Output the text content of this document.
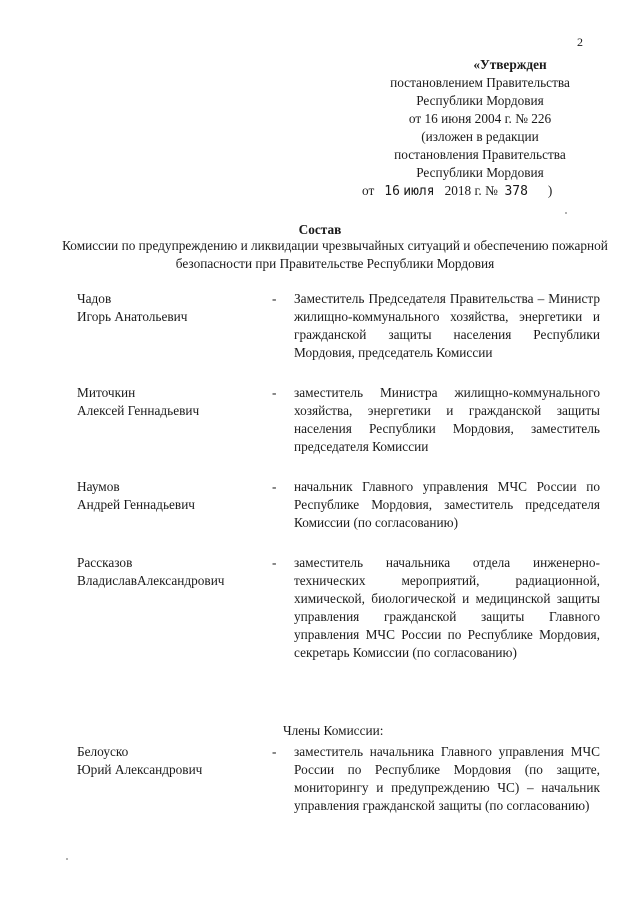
2
«Утвержден
постановлением Правительства
Республики Мордовия
от 16 июня 2004 г. № 226
(изложен в редакции
постановления Правительства
Республики Мордовия
от 16 июля 2018 г. № 378 )
Состав
Комиссии по предупреждению и ликвидации чрезвычайных ситуаций и обеспечению пожарной безопасности при Правительстве Республики Мордовия
Чадов
Игорь Анатольевич
- Заместитель Председателя Правительства – Министр жилищно-коммунального хозяйства, энергетики и гражданской защиты населения Республики Мордовия, председатель Комиссии
Миточкин
Алексей Геннадьевич
- заместитель Министра жилищно-коммунального хозяйства, энергетики и гражданской защиты населения Республики Мордовия, заместитель председателя Комиссии
Наумов
Андрей Геннадьевич
- начальник Главного управления МЧС России по Республике Мордовия, заместитель председателя Комиссии (по согласованию)
Рассказов
ВладиславАлександрович
- заместитель начальника отдела инженерно-технических мероприятий, радиационной, химической, биологической и медицинской защиты управления гражданской защиты Главного управления МЧС России по Республике Мордовия, секретарь Комиссии (по согласованию)
Члены Комиссии:
Белоуско
Юрий Александрович
- заместитель начальника Главного управления МЧС России по Республике Мордовия (по защите, мониторингу и предупреждению ЧС) – начальник управления гражданской защиты (по согласованию)
